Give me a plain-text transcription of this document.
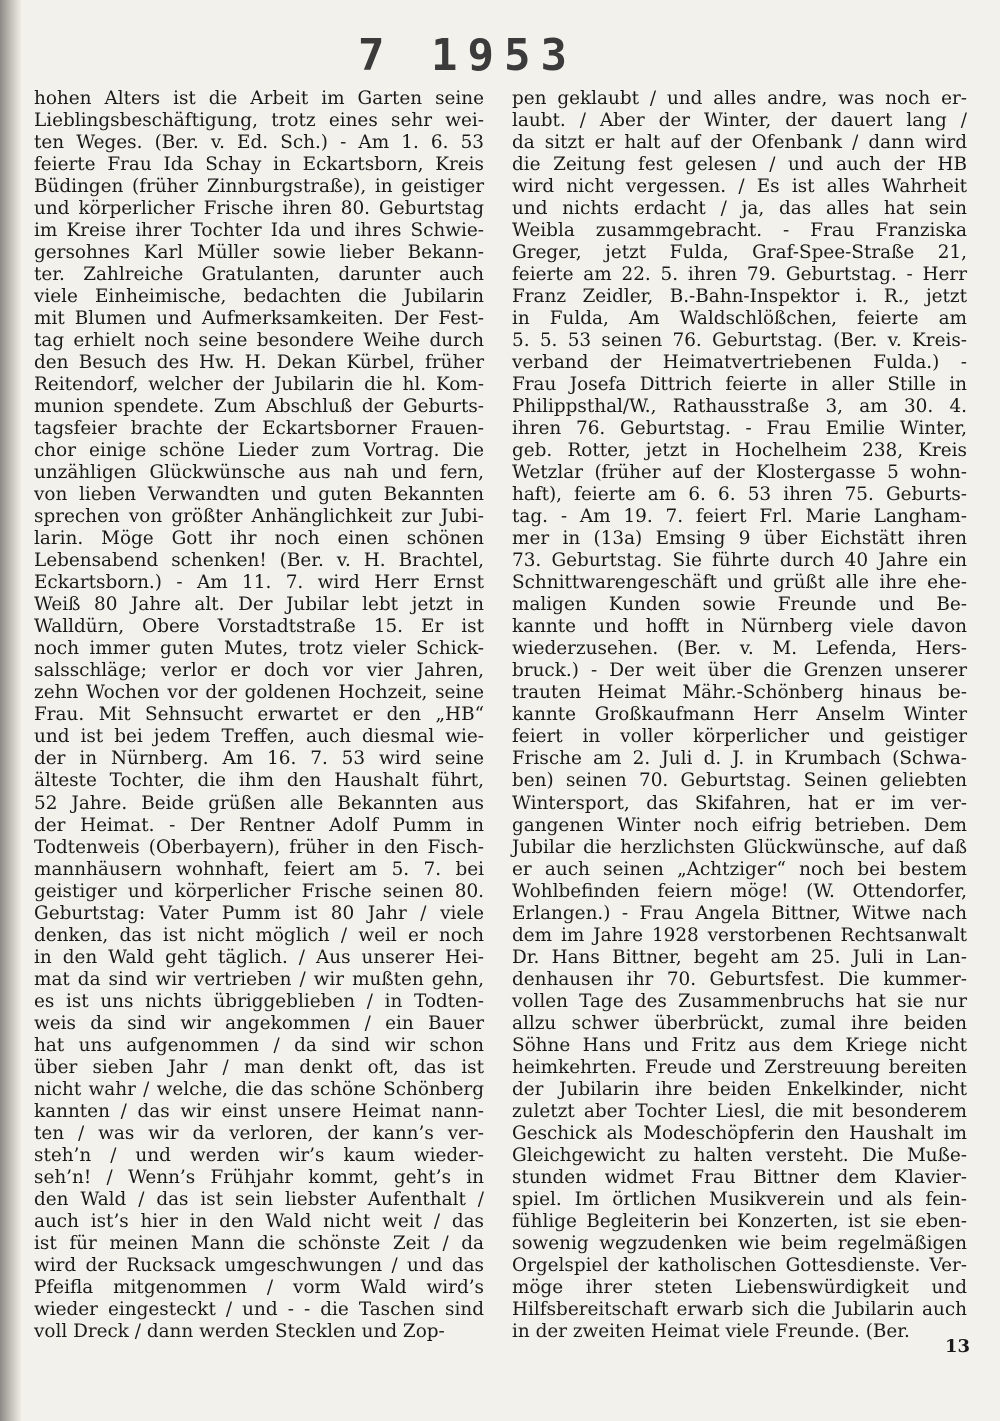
7 1953
hohen Alters ist die Arbeit im Garten seine
Lieblingsbeschäftigung, trotz eines sehr wei-
ten Weges. (Ber. v. Ed. Sch.) - Am 1. 6. 53
feierte Frau Ida Schay in Eckartsborn, Kreis
Büdingen (früher Zinnburgstraße), in geistiger
und körperlicher Frische ihren 80. Geburtstag
im Kreise ihrer Tochter Ida und ihres Schwie-
gersohnes Karl Müller sowie lieber Bekann-
ter. Zahlreiche Gratulanten, darunter auch
viele Einheimische, bedachten die Jubilarin
mit Blumen und Aufmerksamkeiten. Der Fest-
tag erhielt noch seine besondere Weihe durch
den Besuch des Hw. H. Dekan Kürbel, früher
Reitendorf, welcher der Jubilarin die hl. Kom-
munion spendete. Zum Abschluß der Geburts-
tagsfeier brachte der Eckartsborner Frauen-
chor einige schöne Lieder zum Vortrag. Die
unzähligen Glückwünsche aus nah und fern,
von lieben Verwandten und guten Bekannten
sprechen von größter Anhänglichkeit zur Jubi-
larin. Möge Gott ihr noch einen schönen
Lebensabend schenken! (Ber. v. H. Brachtel,
Eckartsborn.) - Am 11. 7. wird Herr Ernst
Weiß 80 Jahre alt. Der Jubilar lebt jetzt in
Walldürn, Obere Vorstadtstraße 15. Er ist
noch immer guten Mutes, trotz vieler Schick-
salsschläge; verlor er doch vor vier Jahren,
zehn Wochen vor der goldenen Hochzeit, seine
Frau. Mit Sehnsucht erwartet er den „HB“
und ist bei jedem Treffen, auch diesmal wie-
der in Nürnberg. Am 16. 7. 53 wird seine
älteste Tochter, die ihm den Haushalt führt,
52 Jahre. Beide grüßen alle Bekannten aus
der Heimat. - Der Rentner Adolf Pumm in
Todtenweis (Oberbayern), früher in den Fisch-
mannhäusern wohnhaft, feiert am 5. 7. bei
geistiger und körperlicher Frische seinen 80.
Geburtstag: Vater Pumm ist 80 Jahr / viele
denken, das ist nicht möglich / weil er noch
in den Wald geht täglich. / Aus unserer Hei-
mat da sind wir vertrieben / wir mußten gehn,
es ist uns nichts übriggeblieben / in Todten-
weis da sind wir angekommen / ein Bauer
hat uns aufgenommen / da sind wir schon
über sieben Jahr / man denkt oft, das ist
nicht wahr / welche, die das schöne Schönberg
kannten / das wir einst unsere Heimat nann-
ten / was wir da verloren, der kann’s ver-
steh’n / und werden wir’s kaum wieder-
seh’n! / Wenn’s Frühjahr kommt, geht’s in
den Wald / das ist sein liebster Aufenthalt /
auch ist’s hier in den Wald nicht weit / das
ist für meinen Mann die schönste Zeit / da
wird der Rucksack umgeschwungen / und das
Pfeifla mitgenommen / vorm Wald wird’s
wieder eingesteckt / und - - die Taschen sind
voll Dreck / dann werden Stecklen und Zop-
pen geklaubt / und alles andre, was noch er-
laubt. / Aber der Winter, der dauert lang /
da sitzt er halt auf der Ofenbank / dann wird
die Zeitung fest gelesen / und auch der HB
wird nicht vergessen. / Es ist alles Wahrheit
und nichts erdacht / ja, das alles hat sein
Weibla zusammgebracht. - Frau Franziska
Greger, jetzt Fulda, Graf-Spee-Straße 21,
feierte am 22. 5. ihren 79. Geburtstag. - Herr
Franz Zeidler, B.-Bahn-Inspektor i. R., jetzt
in Fulda, Am Waldschlößchen, feierte am
5. 5. 53 seinen 76. Geburtstag. (Ber. v. Kreis-
verband der Heimatvertriebenen Fulda.) -
Frau Josefa Dittrich feierte in aller Stille in
Philippsthal/W., Rathausstraße 3, am 30. 4.
ihren 76. Geburtstag. - Frau Emilie Winter,
geb. Rotter, jetzt in Hochelheim 238, Kreis
Wetzlar (früher auf der Klostergasse 5 wohn-
haft), feierte am 6. 6. 53 ihren 75. Geburts-
tag. - Am 19. 7. feiert Frl. Marie Langham-
mer in (13a) Emsing 9 über Eichstätt ihren
73. Geburtstag. Sie führte durch 40 Jahre ein
Schnittwarengeschäft und grüßt alle ihre ehe-
maligen Kunden sowie Freunde und Be-
kannte und hofft in Nürnberg viele davon
wiederzusehen. (Ber. v. M. Lefenda, Hers-
bruck.) - Der weit über die Grenzen unserer
trauten Heimat Mähr.-Schönberg hinaus be-
kannte Großkaufmann Herr Anselm Winter
feiert in voller körperlicher und geistiger
Frische am 2. Juli d. J. in Krumbach (Schwa-
ben) seinen 70. Geburtstag. Seinen geliebten
Wintersport, das Skifahren, hat er im ver-
gangenen Winter noch eifrig betrieben. Dem
Jubilar die herzlichsten Glückwünsche, auf daß
er auch seinen „Achtziger“ noch bei bestem
Wohlbefinden feiern möge! (W. Ottendorfer,
Erlangen.) - Frau Angela Bittner, Witwe nach
dem im Jahre 1928 verstorbenen Rechtsanwalt
Dr. Hans Bittner, begeht am 25. Juli in Lan-
denhausen ihr 70. Geburtsfest. Die kummer-
vollen Tage des Zusammenbruchs hat sie nur
allzu schwer überbrückt, zumal ihre beiden
Söhne Hans und Fritz aus dem Kriege nicht
heimkehrten. Freude und Zerstreuung bereiten
der Jubilarin ihre beiden Enkelkinder, nicht
zuletzt aber Tochter Liesl, die mit besonderem
Geschick als Modeschöpferin den Haushalt im
Gleichgewicht zu halten versteht. Die Muße-
stunden widmet Frau Bittner dem Klavier-
spiel. Im örtlichen Musikverein und als fein-
fühlige Begleiterin bei Konzerten, ist sie eben-
sowenig wegzudenken wie beim regelmäßigen
Orgelspiel der katholischen Gottesdienste. Ver-
möge ihrer steten Liebenswürdigkeit und
Hilfsbereitschaft erwarb sich die Jubilarin auch
in der zweiten Heimat viele Freunde. (Ber.
13
